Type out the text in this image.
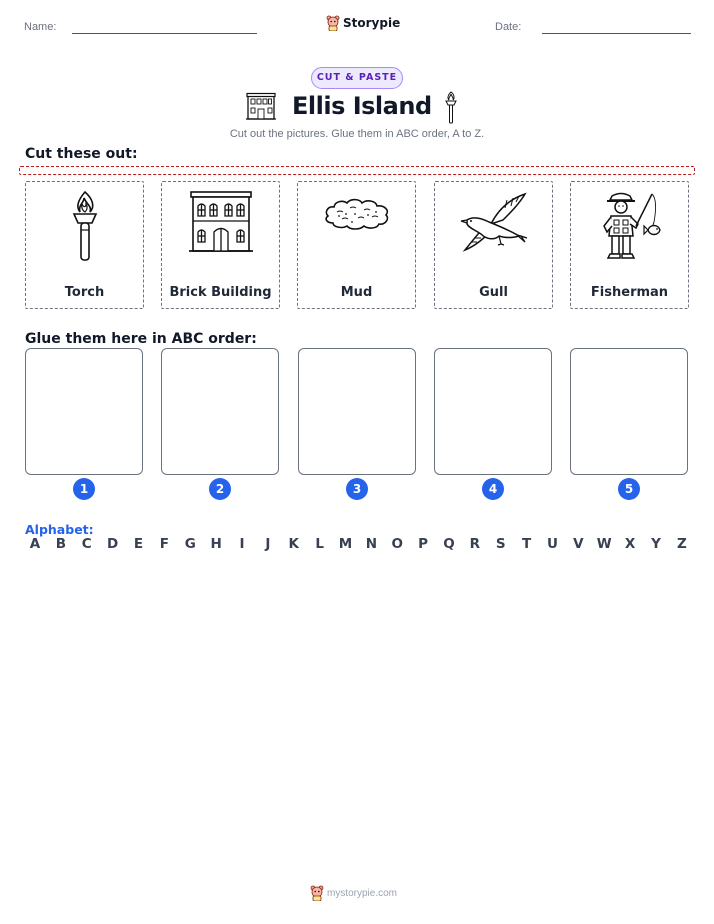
Name:	Storypie	Date:
CUT & PASTE
Ellis Island
Cut out the pictures. Glue them in ABC order, A to Z.
Cut these out:
Torch	Brick Building	Mud	Gull	Fisherman
Glue them here in ABC order:
1	2	3	4	5
Alphabet:
A	B	C	D	E	F	G	H	I	J	K	L	M	N	O	P	Q	R	S	T	U	V W X	Y	Z
mystorypie.com
